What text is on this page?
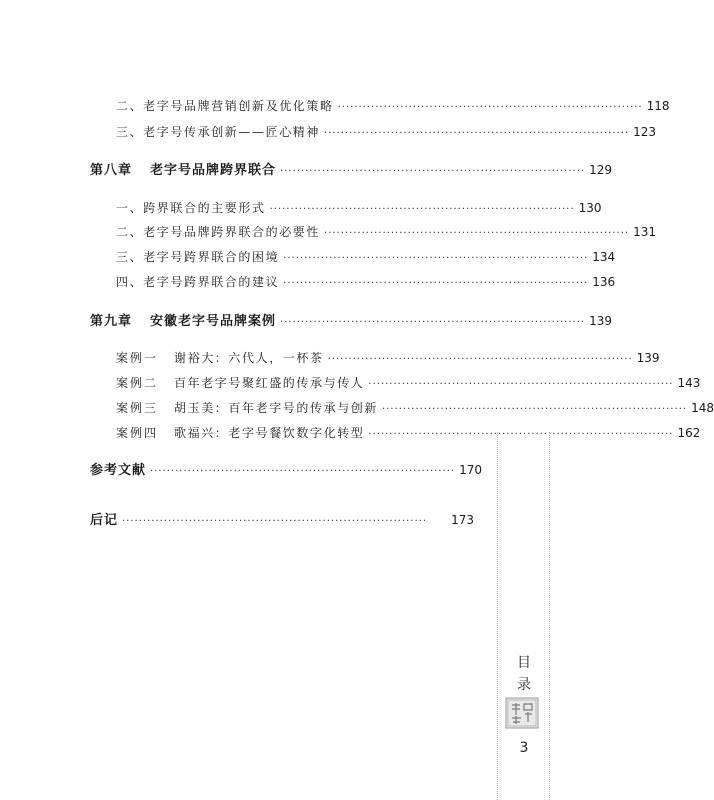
二、老字号品牌营销创新及优化策略 ········································································· 118
三、老字号传承创新——匠心精神 ········································································· 123
第八章 老字号品牌跨界联合 ········································································· 129
一、跨界联合的主要形式 ········································································· 130
二、老字号品牌跨界联合的必要性 ········································································· 131
三、老字号跨界联合的困境 ········································································· 134
四、老字号跨界联合的建议 ········································································· 136
第九章 安徽老字号品牌案例 ········································································· 139
案例一	谢裕大：六代人，一杯茶 ········································································· 139
案例二	百年老字号聚红盛的传承与传人 ········································································· 143
案例三	胡玉美：百年老字号的传承与创新 ········································································· 148
案例四	歌福兴：老字号餐饮数字化转型 ········································································· 162
参考文献 ········································································· 170
后记 ·········································································	173
目
录
3
